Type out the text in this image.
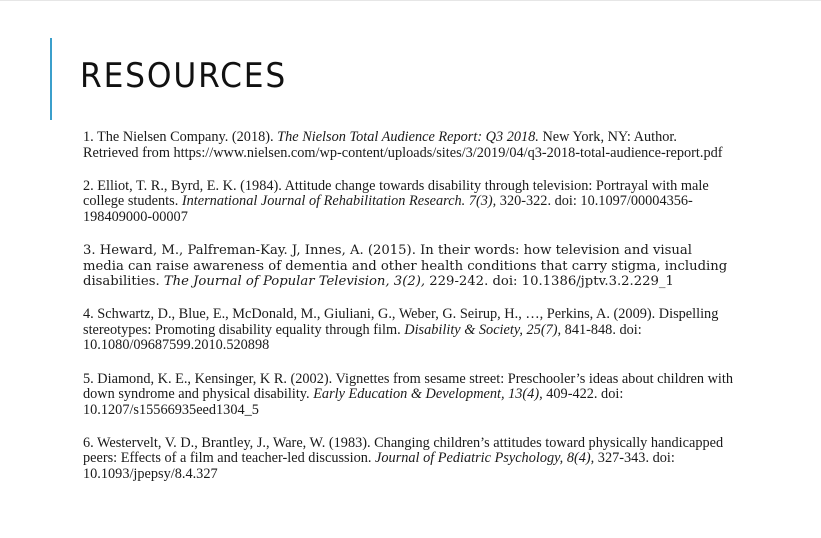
RESOURCES
1. The Nielsen Company. (2018). The Nielson Total Audience Report: Q3 2018. New York, NY: Author. Retrieved from https://www.nielsen.com/wp-content/uploads/sites/3/2019/04/q3-2018-total-audience-report.pdf
2. Elliot, T. R., Byrd, E. K. (1984). Attitude change towards disability through television: Portrayal with male college students. International Journal of Rehabilitation Research. 7(3), 320-322. doi: 10.1097/00004356-198409000-00007
3. Heward, M., Palfreman-Kay. J, Innes, A. (2015). In their words: how television and visual media can raise awareness of dementia and other health conditions that carry stigma, including disabilities. The Journal of Popular Television, 3(2), 229-242. doi: 10.1386/jptv.3.2.229_1
4. Schwartz, D., Blue, E., McDonald, M., Giuliani, G., Weber, G. Seirup, H., …, Perkins, A. (2009). Dispelling stereotypes: Promoting disability equality through film. Disability & Society, 25(7), 841-848. doi: 10.1080/09687599.2010.520898
5. Diamond, K. E., Kensinger, K R. (2002). Vignettes from sesame street: Preschooler’s ideas about children with down syndrome and physical disability. Early Education & Development, 13(4), 409-422. doi: 10.1207/s15566935eed1304_5
6. Westervelt, V. D., Brantley, J., Ware, W. (1983). Changing children’s attitudes toward physically handicapped peers: Effects of a film and teacher-led discussion. Journal of Pediatric Psychology, 8(4), 327-343. doi: 10.1093/jpepsy/8.4.327
